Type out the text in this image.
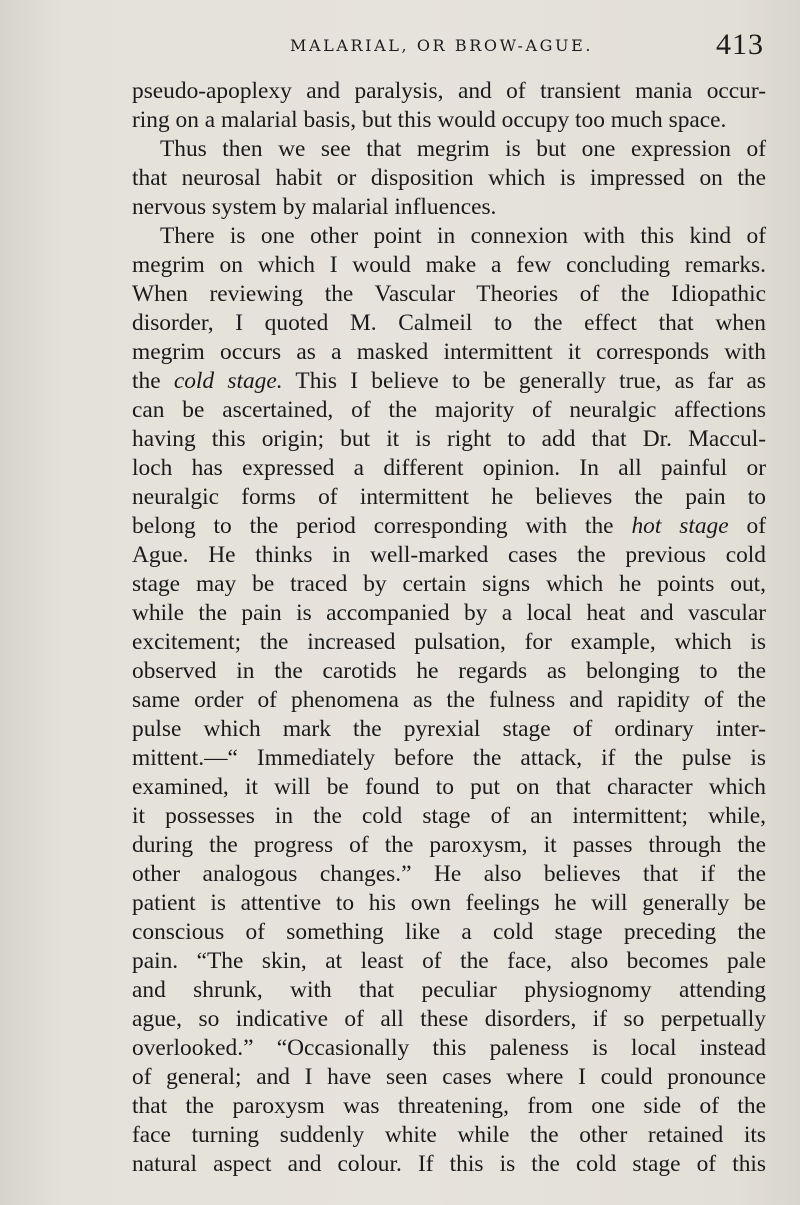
MALARIAL, OR BROW-AGUE.	413
pseudo-apoplexy and paralysis, and of transient mania occur-
ring on a malarial basis, but this would occupy too much space.
Thus then we see that megrim is but one expression of
that neurosal habit or disposition which is impressed on the
nervous system by malarial influences.
There is one other point in connexion with this kind of
megrim on which I would make a few concluding remarks.
When reviewing the Vascular Theories of the Idiopathic
disorder, I quoted M. Calmeil to the effect that when
megrim occurs as a masked intermittent it corresponds with
the cold stage. This I believe to be generally true, as far as
can be ascertained, of the majority of neuralgic affections
having this origin; but it is right to add that Dr. Maccul-
loch has expressed a different opinion. In all painful or
neuralgic forms of intermittent he believes the pain to
belong to the period corresponding with the hot stage of
Ague. He thinks in well-marked cases the previous cold
stage may be traced by certain signs which he points out,
while the pain is accompanied by a local heat and vascular
excitement; the increased pulsation, for example, which is
observed in the carotids he regards as belonging to the
same order of phenomena as the fulness and rapidity of the
pulse which mark the pyrexial stage of ordinary inter-
mittent.—“ Immediately before the attack, if the pulse is
examined, it will be found to put on that character which
it possesses in the cold stage of an intermittent; while,
during the progress of the paroxysm, it passes through the
other analogous changes.” He also believes that if the
patient is attentive to his own feelings he will generally be
conscious of something like a cold stage preceding the
pain. “The skin, at least of the face, also becomes pale
and shrunk, with that peculiar physiognomy attending
ague, so indicative of all these disorders, if so perpetually
overlooked.” “Occasionally this paleness is local instead
of general; and I have seen cases where I could pronounce
that the paroxysm was threatening, from one side of the
face turning suddenly white while the other retained its
natural aspect and colour. If this is the cold stage of this
